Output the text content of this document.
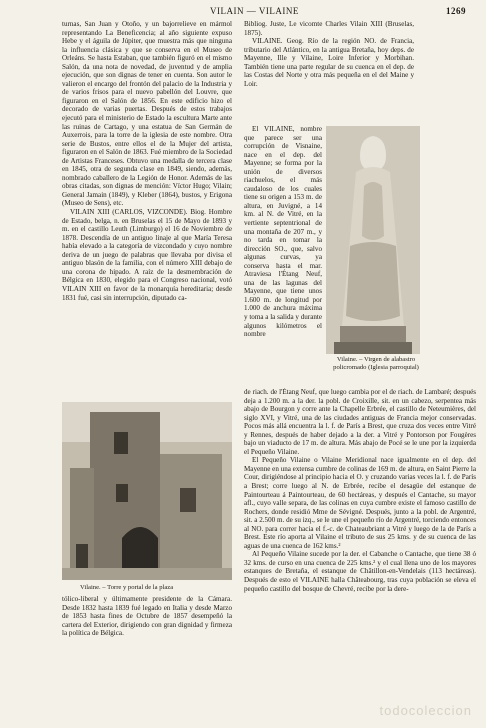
VILAIN — VILAINE	1269

turnas, San Juan y Otoño, y un bajorrelieve en mármol representando La Beneficencia; al año siguiente expuso Hebe y el águila de Júpiter, que muestra más que ninguna la influencia clásica y que se conserva en el Museo de Orleáns. Se hasta Estaban, que también figuró en el mismo Salón, da una nota de novedad, de juventud y de amplia ejecución, que son dignas de tener en cuenta. Son autor le valieron el encargo del frontón del palacio de la Industria y de varios frisos para el nuevo pabellón del Louvre, que figuraron en el Salón de 1856. En este edificio hizo el decorado de varias puertas. Después de estos trabajos ejecutó para el ministerio de Estado la escultura Marte ante las ruinas de Cartago, y una estatua de San Germán de Auxerrois, para la torre de la iglesia de este nombre. Otra serie de Bustos, entre ellos el de la Mujer del artista, figuraron en el Salón de 1863. Fué miembro de la Sociedad de Artistas Franceses. Obtuvo una medalla de tercera clase en 1845, otra de segunda clase en 1849, siendo, además, nombrado caballero de la Legión de Honor. Además de las obras citadas, son dignas de mención: Víctor Hugo; Vilain; General Jamain (1849), y Kleber (1864), bustos, y Erigona (Museo de Sens), etc.

VILAIN XIII (CARLOS, VIZCONDE). Biog. Hombre de Estado, belga, n. en Bruselas el 15 de Mayo de 1893 y m. en el castillo Leuth (Limburgo) el 16 de Noviembre de 1878. Descendía de un antiguo linaje al que María Teresa había elevado a la categoría de vizcondado y cuyo nombre deriva de un juego de palabras que llevaba por divisa el antiguo blasón de la familia, con el número XIII debajo de una corona de hipado. A raíz de la desmembración de Bélgica en 1830, elegido para el Congreso nacional, votó VILAIN XIII en favor de la monarquía hereditaria; desde 1831 fué, casi sin interrupción, diputado ca-

Vilaine. – Torre y portal de la plaza

tólico-liberal y últimamente presidente de la Cámara. Desde 1832 hasta 1839 fué legado en Italia y desde Marzo de 1853 hasta fines de Octubre de 1857 desempeñó la cartera del Exterior, dirigiendo con gran dignidad y firmeza la política de Bélgica.

Bibliog. Juste, Le vicomte Charles Vilain XIII (Bruselas, 1875).

VILAINE. Geog. Río de la región NO. de Francia, tributario del Atlántico, en la antigua Bretaña, hoy deps. de Mayenne, Ille y Vilaine, Loire Inferior y Morbihan. También tiene una parte regular de su cuenca en el dep. de las Costas del Norte y otra más pequeña en el del Maine y Loir.

El VILAINE, nombre que parece ser una corrupción de Visnaine, nace en el dep. del Mayenne; se forma por la unión de diversos riachuelos, el más caudaloso de los cuales tiene su origen a 153 m. de altura, en Juvigné, a 14 km. al N. de Vitré, en la vertiente septentrional de una montaña de 207 m., y no tarda en tomar la dirección SO., que, salvo algunas curvas, ya conserva hasta el mar. Atraviesa l'Étang Neuf, una de las lagunas del Mayenne, que tiene unos 1.600 m. de longitud por 1.000 de anchura máxima y toma a la salida y durante algunos kilómetros el nombre

Vilaine. – Virgen de alabastro policromado (Iglesia parroquial)

de riach. de l'Étang Neuf, que luego cambia por el de riach. de Lambaré; después deja a 1.200 m. a la der. la pobl. de Croixille, sit. en un cabezo, serpentea más abajo de Bourgon y corre ante la Chapelle Erbrée, el castillo de Neteumières, del siglo XVI, y Vitré, una de las ciudades antiguas de Francia mejor conservadas. Pocos más allá encuentra la l. f. de París a Brest, que cruza dos veces entre Vitré y Rennes, después de haber dejado a la der. a Vitré y Pontorson por Fougères bajo un viaducto de 17 m. de altura. Más abajo de Pocé se le une por la izquierda el Pequeño Vilaine.

El Pequeño Vilaine o Vilaine Meridional nace igualmente en el dep. del Mayenne en una extensa cumbre de colinas de 169 m. de altura, en Saint Pierre la Cour, dirigiéndose al principio hacia el O. y cruzando varias veces la l. f. de París a Brest; corre luego al N. de Erbrée, recibe el desagüe del estanque de Paintourteau á Paintourteau, de 60 hectáreas, y después el Cantache, su mayor afl., cuyo valle separa, de las colinas en cuya cumbre existe el famoso castillo de Rochers, donde residió Mme de Sévigné. Después, junto a la pobl. de Argentré, sit. a 2.500 m. de su izq., se le une el pequeño río de Argentré, torciendo entonces al NO. para correr hacia el f.-c. de Chateaubriant a Vitré y luego de la de París a Brest. Este río aporta al Vilaine el tributo de sus 25 kms. y de su cuenca de las aguas de una cuenca de 162 kms.²

Al Pequeño Vilaine sucede por la der. el Cabanche o Cantache, que tiene 38 ó 32 kms. de curso en una cuenca de 225 kms.² y el cual llena uno de los mayores estanques de Bretaña, el estanque de Châtillon-en-Vendelais (113 hectáreas). Después de esto el VILAINE halla Châteabourg, tras cuya población se eleva el pequeño castillo del bosque de Chevré, recibe por la dere-

todocoleccion
